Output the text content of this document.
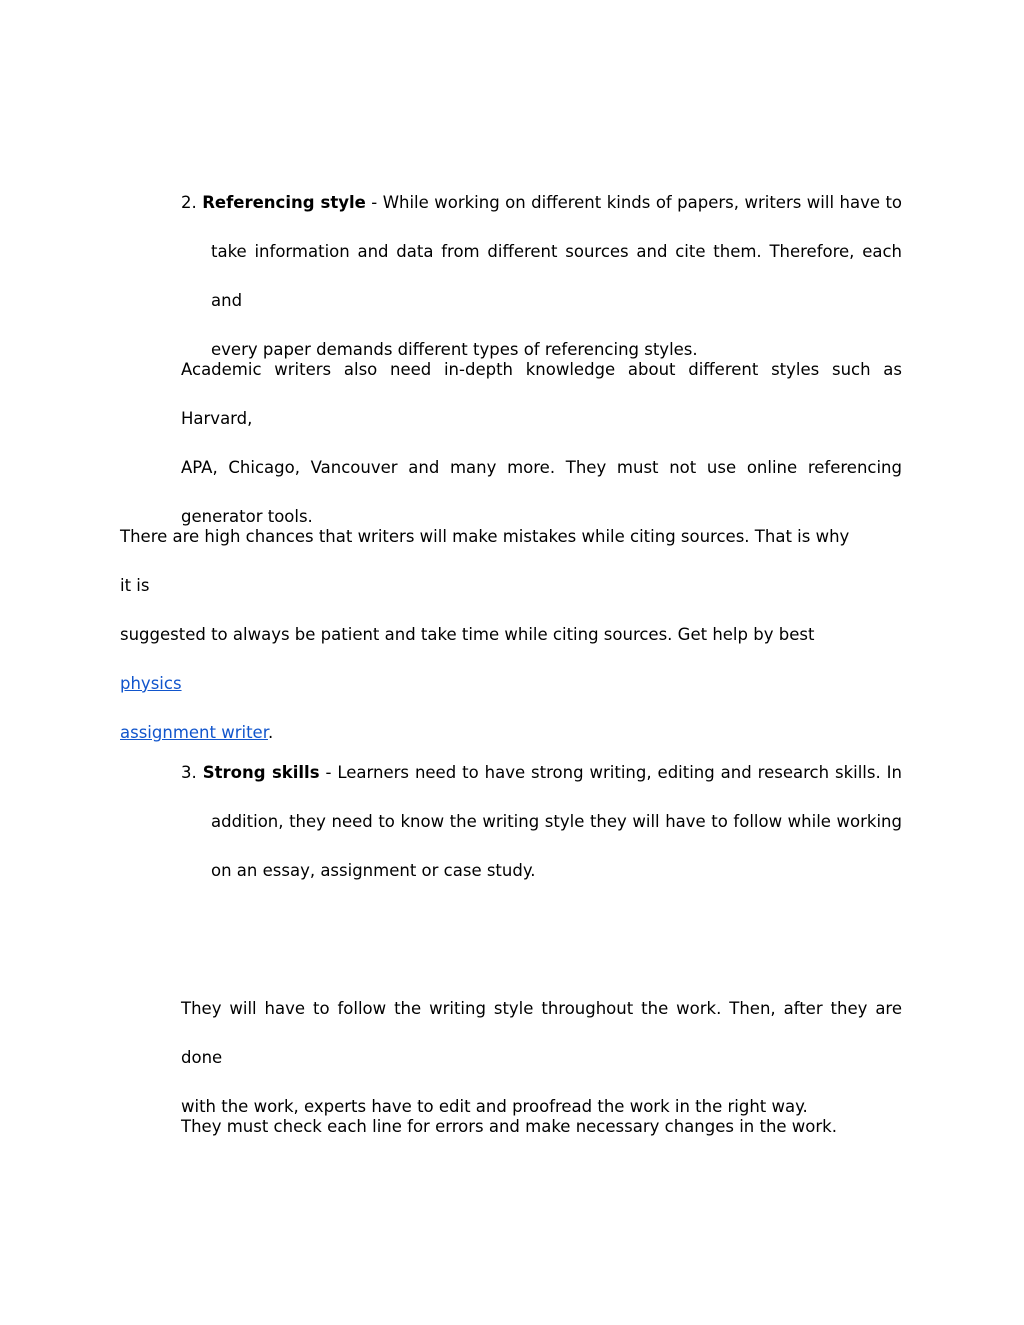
2. Referencing style - While working on different kinds of papers, writers will have to
take information and data from different sources and cite them. Therefore, each and
every paper demands different types of referencing styles.
Academic writers also need in-depth knowledge about different styles such as Harvard,
APA, Chicago, Vancouver and many more. They must not use online referencing
generator tools.
There are high chances that writers will make mistakes while citing sources. That is why it is
suggested to always be patient and take time while citing sources. Get help by best physics
assignment writer.
3. Strong skills - Learners need to have strong writing, editing and research skills. In
addition, they need to know the writing style they will have to follow while working
on an essay, assignment or case study.
They will have to follow the writing style throughout the work. Then, after they are done
with the work, experts have to edit and proofread the work in the right way.
They must check each line for errors and make necessary changes in the work.
